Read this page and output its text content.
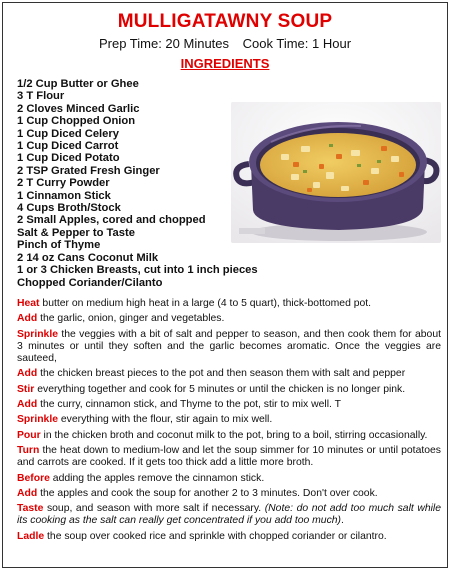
MULLIGATAWNY SOUP
Prep Time: 20 Minutes Cook Time: 1 Hour
INGREDIENTS
1/2 Cup Butter or Ghee
3 T Flour
2 Cloves Minced Garlic
1 Cup Chopped Onion
1 Cup Diced Celery
1 Cup Diced Carrot
1 Cup Diced Potato
2 TSP Grated Fresh Ginger
2 T Curry Powder
1 Cinnamon Stick
4 Cups Broth/Stock
2 Small Apples, cored and chopped
Salt & Pepper to Taste
Pinch of Thyme
2 14 oz Cans Coconut Milk
1 or 3 Chicken Breasts, cut into 1 inch pieces
Chopped Coriander/Cilanto

Heat butter on medium high heat in a large (4 to 5 quart), thick-bottomed pot.

Add the garlic, onion, ginger and vegetables.

Sprinkle the veggies with a bit of salt and pepper to season, and then cook them for about 3 minutes or until they soften and the garlic becomes aromatic. Once the veggies are sauteed,

Add the chicken breast pieces to the pot and then season them with salt and pepper

Stir everything together and cook for 5 minutes or until the chicken is no longer pink.

Add the curry, cinnamon stick, and Thyme to the pot, stir to mix well. T

Sprinkle everything with the flour, stir again to mix well.

Pour in the chicken broth and coconut milk to the pot, bring to a boil, stirring occasionally.

Turn the heat down to medium-low and let the soup simmer for 10 minutes or until potatoes and carrots are cooked. If it gets too thick add a little more broth.

Before adding the apples remove the cinnamon stick.

Add the apples and cook the soup for another 2 to 3 minutes. Don't over cook.

Taste soup, and season with more salt if necessary. (Note: do not add too much salt while its cooking as the salt can really get concentrated if you add too much).

Ladle the soup over cooked rice and sprinkle with chopped coriander or cilantro.
